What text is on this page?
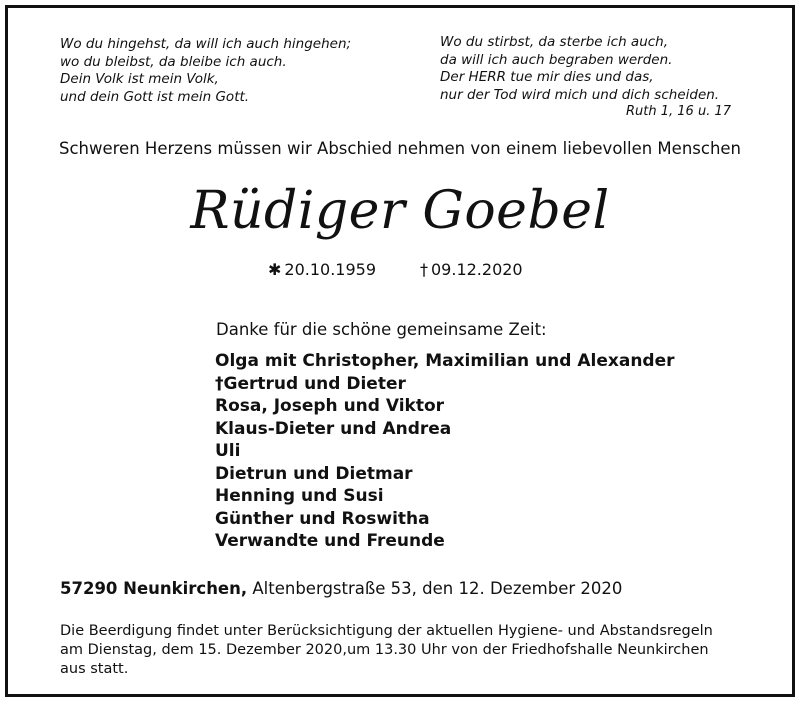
Wo du hingehst, da will ich auch hingehen;
wo du bleibst, da bleibe ich auch.
Dein Volk ist mein Volk,
und dein Gott ist mein Gott.
Wo du stirbst, da sterbe ich auch,
da will ich auch begraben werden.
Der HERR tue mir dies und das,
nur der Tod wird mich und dich scheiden.
Ruth 1, 16 u. 17
Schweren Herzens müssen wir Abschied nehmen von einem liebevollen Menschen
Rüdiger Goebel
✱ 20.10.1959	† 09.12.2020
Danke für die schöne gemeinsame Zeit:
Olga mit Christopher, Maximilian und Alexander
†Gertrud und Dieter
Rosa, Joseph und Viktor
Klaus-Dieter und Andrea
Uli
Dietrun und Dietmar
Henning und Susi
Günther und Roswitha
Verwandte und Freunde
57290 Neunkirchen, Altenbergstraße 53, den 12. Dezember 2020
Die Beerdigung findet unter Berücksichtigung der aktuellen Hygiene- und Abstandsregeln
am Dienstag, dem 15. Dezember 2020,um 13.30 Uhr von der Friedhofshalle Neunkirchen
aus statt.
